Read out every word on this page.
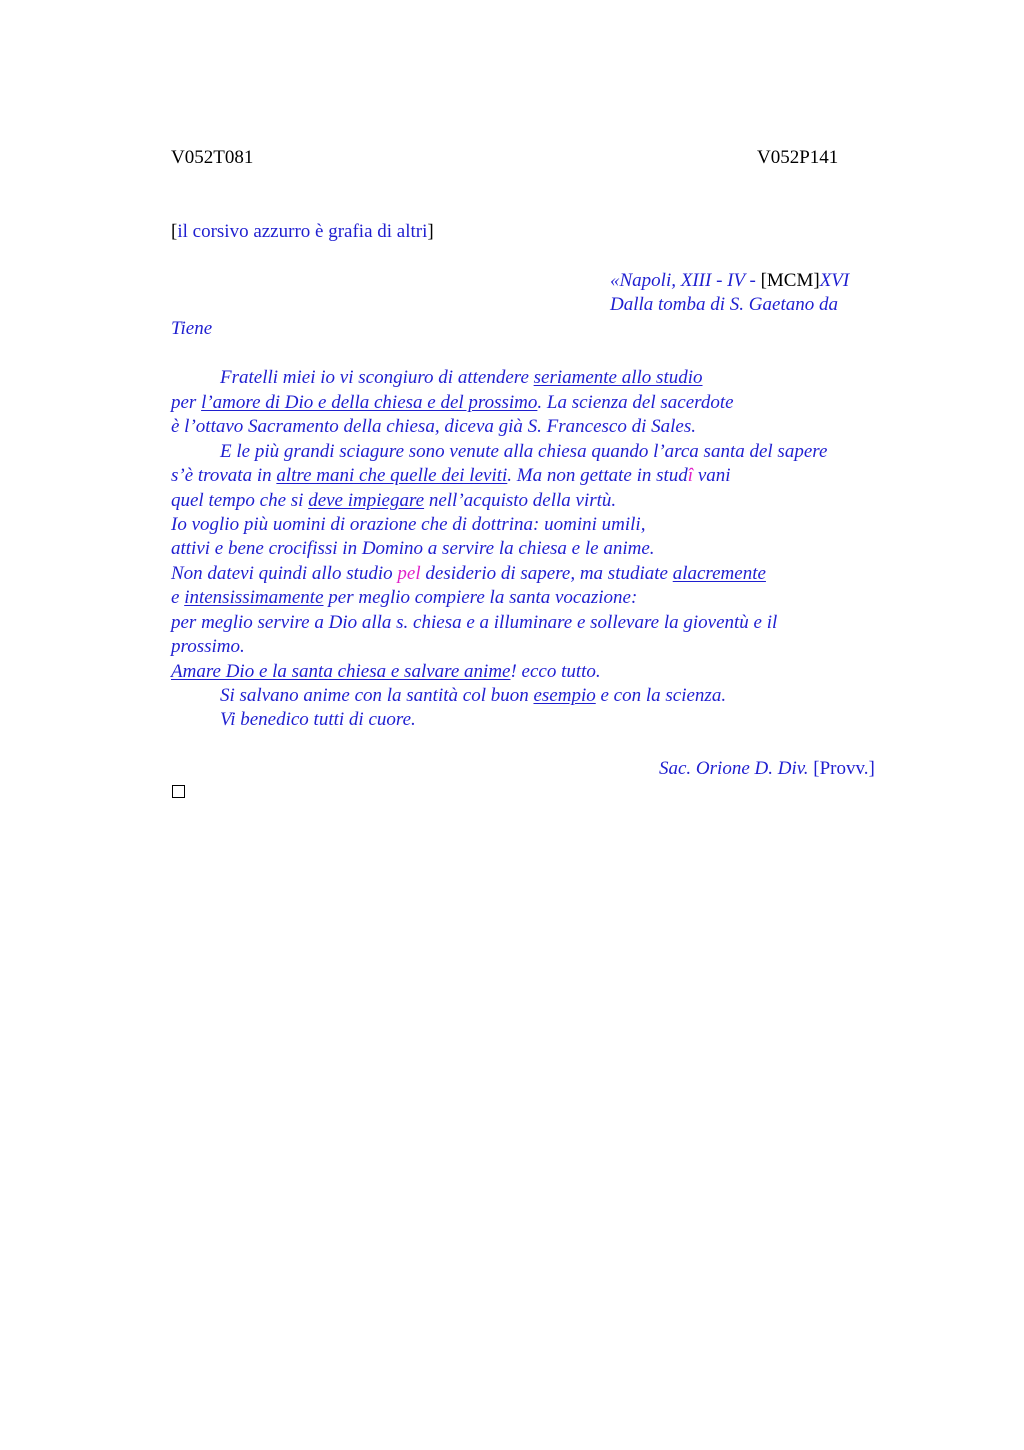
V052T081	V052P141
[il corsivo azzurro è grafia di altri]
«Napoli, XIII - IV - [MCM]XVI
Dalla tomba di S. Gaetano da
Tiene
Fratelli miei io vi scongiuro di attendere seriamente allo studio
per l’amore di Dio e della chiesa e del prossimo. La scienza del sacerdote
è l’ottavo Sacramento della chiesa, diceva già S. Francesco di Sales.
E le più grandi sciagure sono venute alla chiesa quando l’arca santa del sapere
s’è trovata in altre mani che quelle dei leviti. Ma non gettate in studî vani
quel tempo che si deve impiegare nell’acquisto della virtù.
Io voglio più uomini di orazione che di dottrina: uomini umili,
attivi e bene crocifissi in Domino a servire la chiesa e le anime.
Non datevi quindi allo studio pel desiderio di sapere, ma studiate alacremente
e intensissimamente per meglio compiere la santa vocazione:
per meglio servire a Dio alla s. chiesa e a illuminare e sollevare la gioventù e il
prossimo.
Amare Dio e la santa chiesa e salvare anime! ecco tutto.
Si salvano anime con la santità col buon esempio e con la scienza.
Vi benedico tutti di cuore.
Sac. Orione D. Div. [Provv.]
